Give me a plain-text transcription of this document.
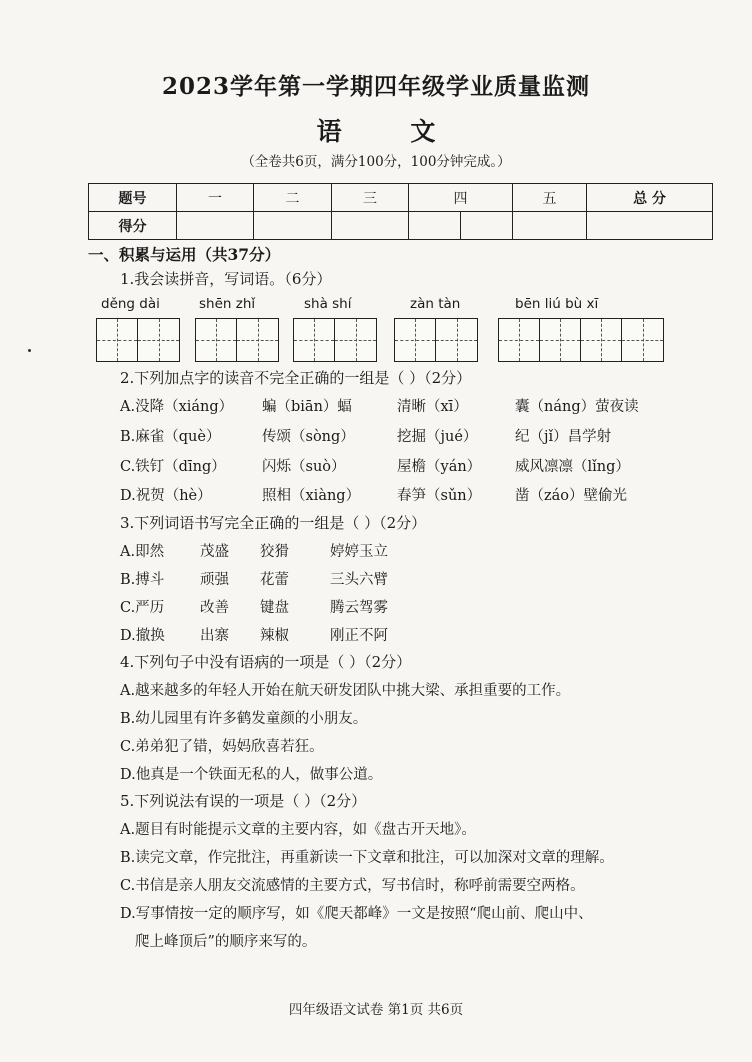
2023学年第一学期四年级学业质量监测
语 文
（全卷共6页，满分100分，100分钟完成。）
题号	一	二	三	四		五	总 分
得分							
一、积累与运用（共37分）
1.我会读拼音，写词语。（6分）
děng dài	shēn zhǐ	shà shí	zàn tàn	bēn liú bù xī
2.下列加点字的读音不完全正确的一组是（ ）（2分）
A.没降（xiáng）	蝙（biān）蝠	清晰（xī）	囊（náng）萤夜读
B.麻雀（què）	传颂（sòng）	挖掘（jué）	纪（jǐ）昌学射
C.铁钉（dīng）	闪烁（suò）	屋檐（yán）	威风凛凛（lǐng）
D.祝贺（hè）	照相（xiàng）	春笋（sǔn）	凿（záo）壁偷光
3.下列词语书写完全正确的一组是（ ）（2分）
A.即然	茂盛	狡猾	婷婷玉立
B.搏斗	顽强	花蕾	三头六臂
C.严历	改善	键盘	腾云驾雾
D.撤换	出寨	辣椒	刚正不阿
4.下列句子中没有语病的一项是（ ）（2分）
A.越来越多的年轻人开始在航天研发团队中挑大梁、承担重要的工作。
B.幼儿园里有许多鹤发童颜的小朋友。
C.弟弟犯了错，妈妈欣喜若狂。
D.他真是一个铁面无私的人，做事公道。
5.下列说法有误的一项是（ ）（2分）
A.题目有时能提示文章的主要内容，如《盘古开天地》。
B.读完文章，作完批注，再重新读一下文章和批注，可以加深对文章的理解。
C.书信是亲人朋友交流感情的主要方式，写书信时，称呼前需要空两格。
D.写事情按一定的顺序写，如《爬天都峰》一文是按照“爬山前、爬山中、
爬上峰顶后”的顺序来写的。
四年级语文试卷 第1页 共6页
